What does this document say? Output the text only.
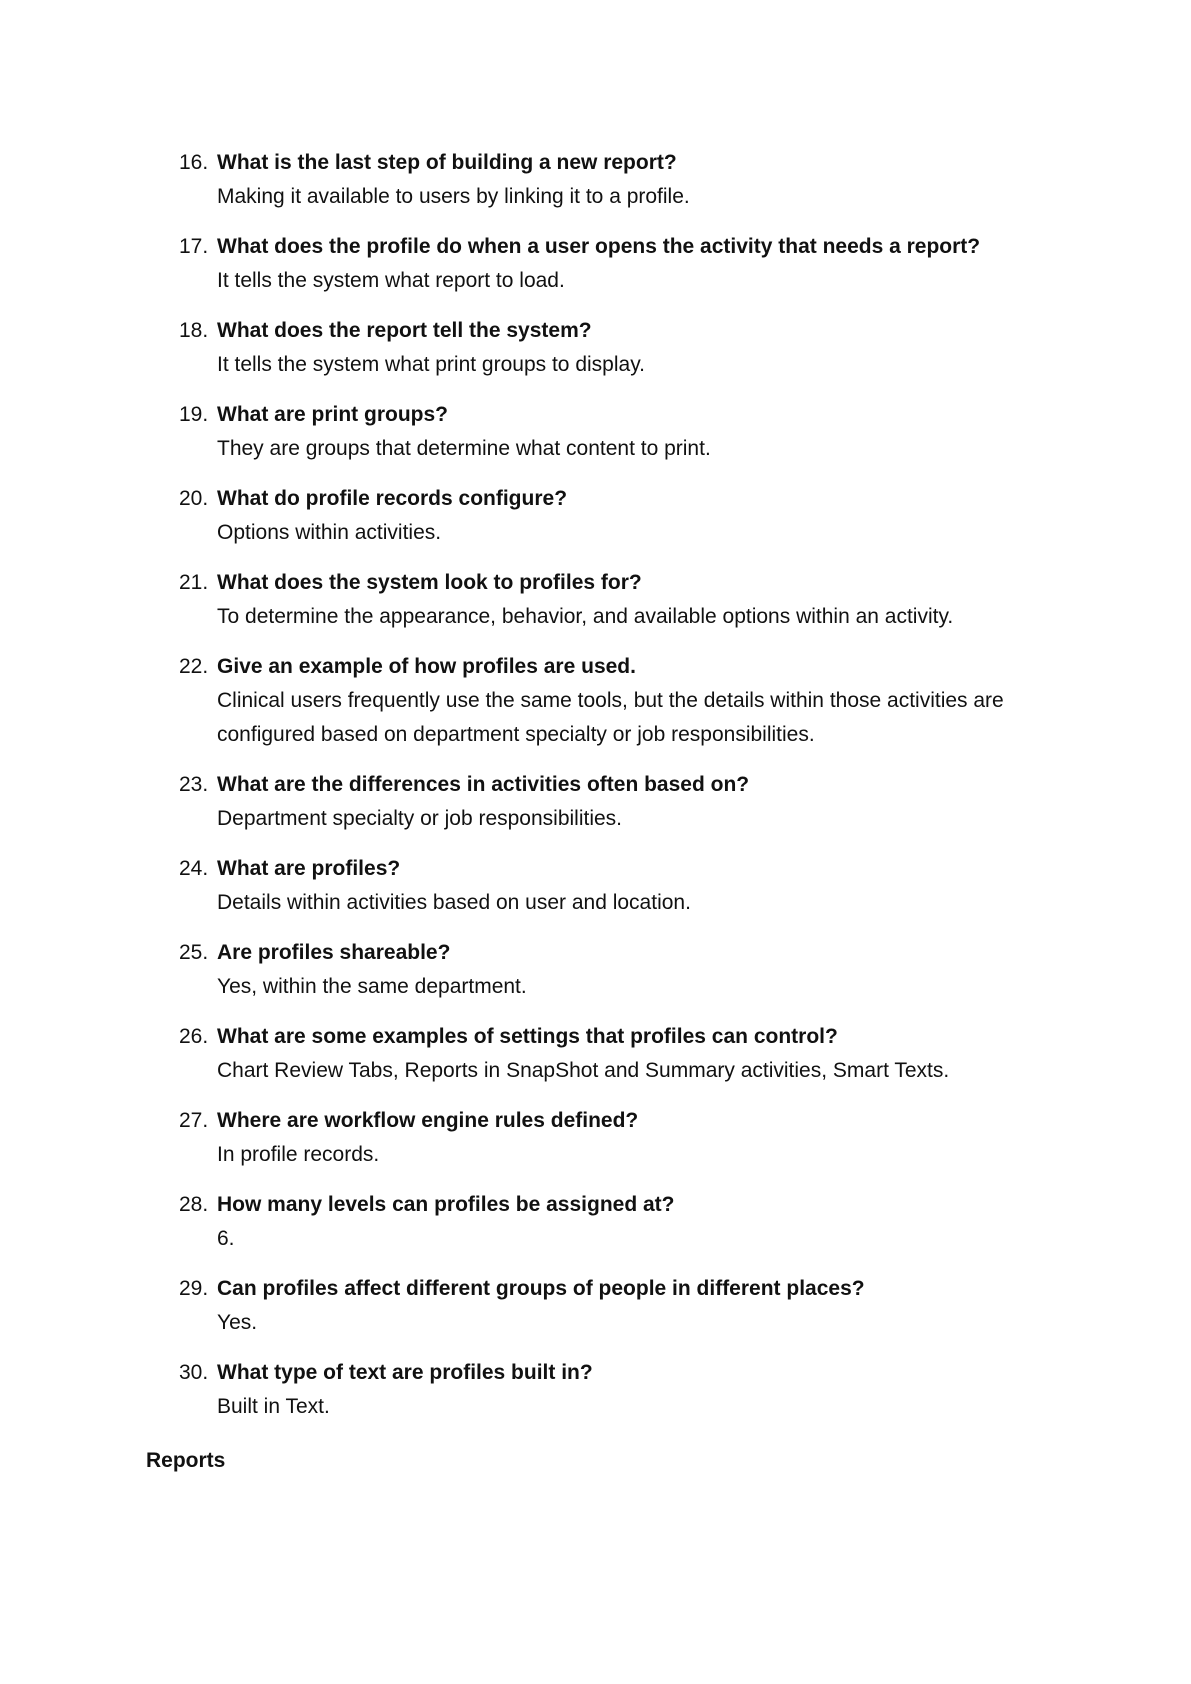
16. What is the last step of building a new report?
Making it available to users by linking it to a profile.
17. What does the profile do when a user opens the activity that needs a report?
It tells the system what report to load.
18. What does the report tell the system?
It tells the system what print groups to display.
19. What are print groups?
They are groups that determine what content to print.
20. What do profile records configure?
Options within activities.
21. What does the system look to profiles for?
To determine the appearance, behavior, and available options within an activity.
22. Give an example of how profiles are used.
Clinical users frequently use the same tools, but the details within those activities are configured based on department specialty or job responsibilities.
23. What are the differences in activities often based on?
Department specialty or job responsibilities.
24. What are profiles?
Details within activities based on user and location.
25. Are profiles shareable?
Yes, within the same department.
26. What are some examples of settings that profiles can control?
Chart Review Tabs, Reports in SnapShot and Summary activities, Smart Texts.
27. Where are workflow engine rules defined?
In profile records.
28. How many levels can profiles be assigned at?
6.
29. Can profiles affect different groups of people in different places?
Yes.
30. What type of text are profiles built in?
Built in Text.
Reports
